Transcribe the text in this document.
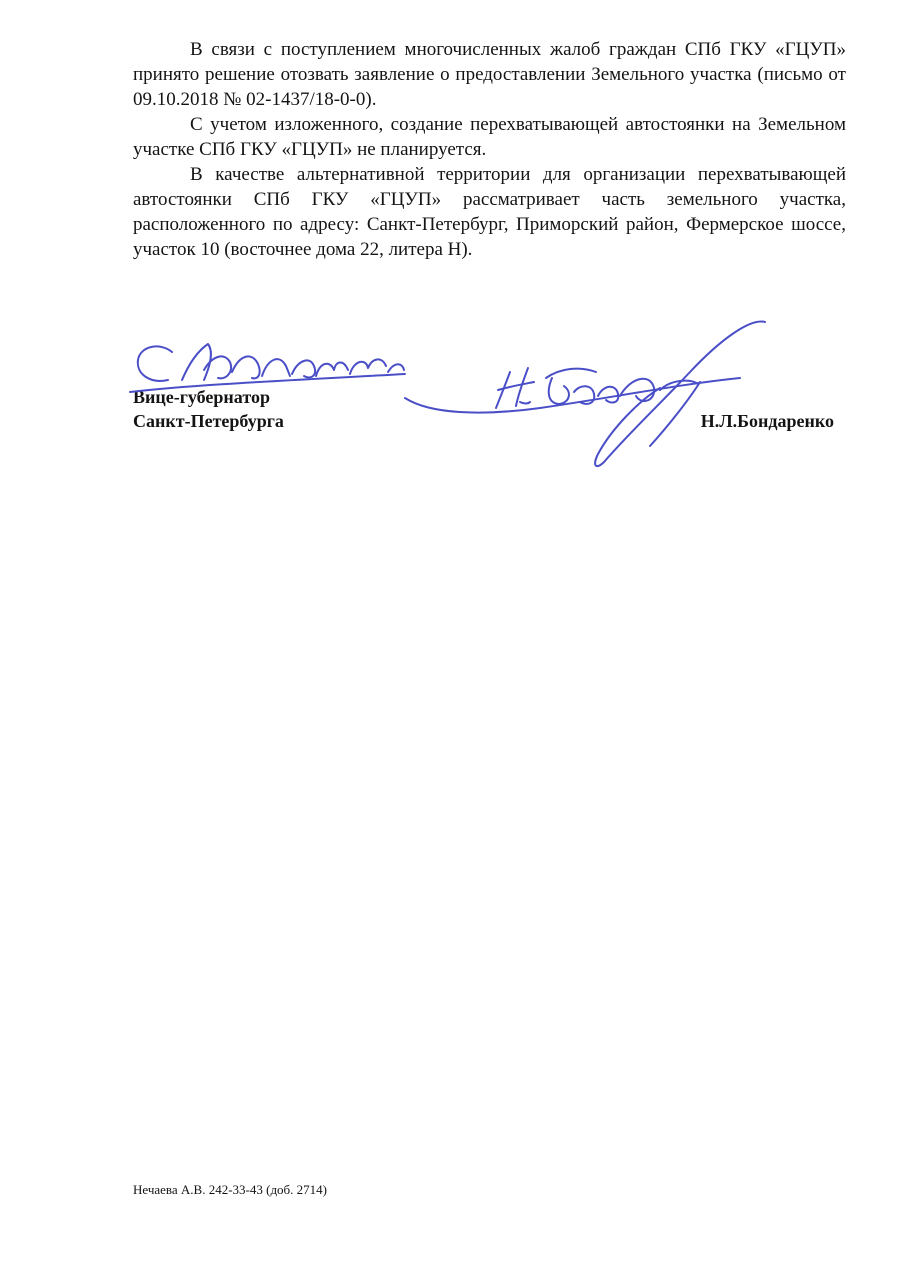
В связи с поступлением многочисленных жалоб граждан СПб ГКУ «ГЦУП» принято решение отозвать заявление о предоставлении Земельного участка (письмо от 09.10.2018 № 02-1437/18-0-0).

С учетом изложенного, создание перехватывающей автостоянки на Земельном участке СПб ГКУ «ГЦУП» не планируется.

В качестве альтернативной территории для организации перехватывающей автостоянки СПб ГКУ «ГЦУП» рассматривает часть земельного участка, расположенного по адресу: Санкт-Петербург, Приморский район, Фермерское шоссе, участок 10 (восточнее дома 22, литера Н).

Вице-губернатор
Санкт-Петербурга	Н.Л.Бондаренко
Нечаева А.В. 242-33-43 (доб. 2714)
